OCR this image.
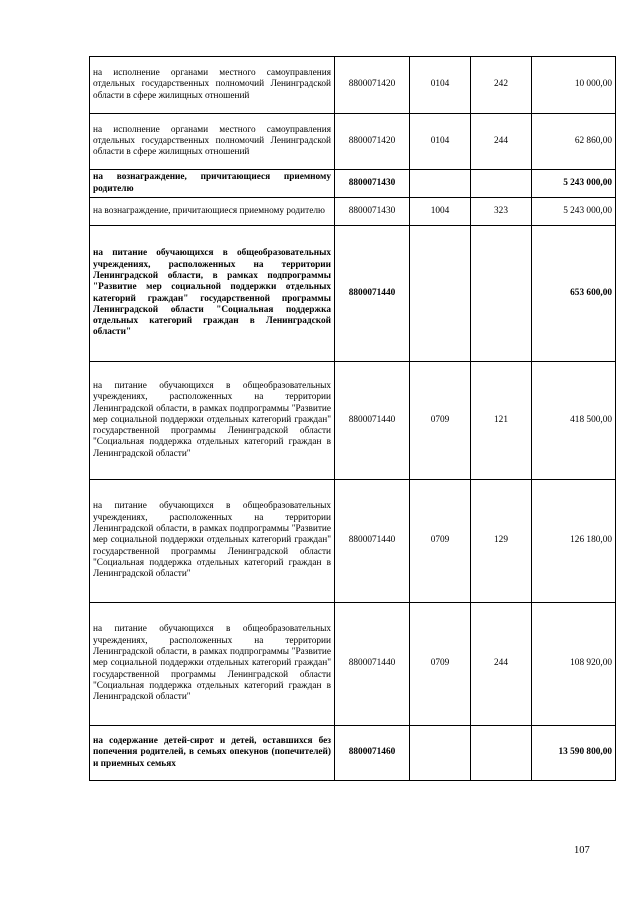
на исполнение органами местного самоуправления отдельных государственных полномочий Ленинградской области в сфере жилищных отношений	8800071420	0104	242	10 000,00
на исполнение органами местного самоуправления отдельных государственных полномочий Ленинградской области в сфере жилищных отношений	8800071420	0104	244	62 860,00
на вознаграждение, причитающиеся приемному родителю	8800071430			5 243 000,00
на вознаграждение, причитающиеся приемному родителю	8800071430	1004	323	5 243 000,00
на питание обучающихся в общеобразовательных учреждениях, расположенных на территории Ленинградской области, в рамках подпрограммы "Развитие мер социальной поддержки отдельных категорий граждан" государственной программы Ленинградской области "Социальная поддержка отдельных категорий граждан в Ленинградской области"	8800071440			653 600,00
на питание обучающихся в общеобразовательных учреждениях, расположенных на территории Ленинградской области, в рамках подпрограммы "Развитие мер социальной поддержки отдельных категорий граждан" государственной программы Ленинградской области "Социальная поддержка отдельных категорий граждан в Ленинградской области"	8800071440	0709	121	418 500,00
на питание обучающихся в общеобразовательных учреждениях, расположенных на территории Ленинградской области, в рамках подпрограммы "Развитие мер социальной поддержки отдельных категорий граждан" государственной программы Ленинградской области "Социальная поддержка отдельных категорий граждан в Ленинградской области"	8800071440	0709	129	126 180,00
на питание обучающихся в общеобразовательных учреждениях, расположенных на территории Ленинградской области, в рамках подпрограммы "Развитие мер социальной поддержки отдельных категорий граждан" государственной программы Ленинградской области "Социальная поддержка отдельных категорий граждан в Ленинградской области"	8800071440	0709	244	108 920,00
на содержание детей-сирот и детей, оставшихся без попечения родителей, в семьях опекунов (попечителей) и приемных семьях	8800071460			13 590 800,00
107
